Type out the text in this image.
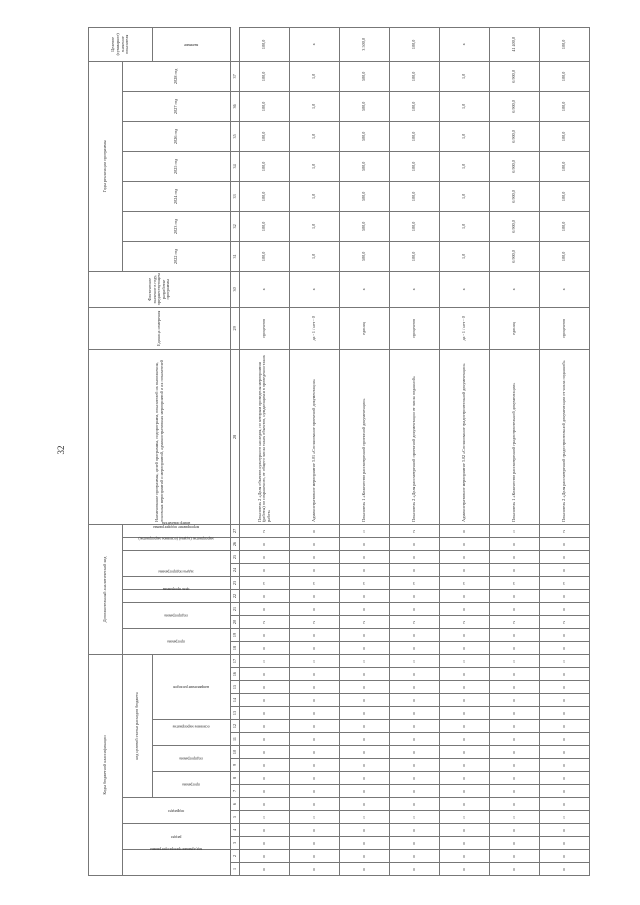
32
Коды бюджетной классификации																	Дополнительный аналитический код										Наименование программы, целей программы, подпрограмм, показателей их выполнения, основных мероприятий и мероприятий, административных мероприятий и их показателей	Единица измерения	Фактическое значение в году, предшествующем разработке программы	Годы реализации программы							Целевое (суммарное) значение показателя
код администратора программы		раздел		подраздел		код целевой статьи расходов бюджета											программа		подпрограмма		цель программы	задача подпрограммы	мероприятие (задача) (основное мероприятие)		мероприятие подпрограммы	номер показателя				2022 год	2023 год	2024 год	2025 год	2026 год	2027 год	2028 год	
						программа		подпрограмма		основное мероприятие		направление расходов																									значение
1	2	3	4	5	6	7	8	9	10	11	12	13	14	15	16	17	18	19	20	21	22	23	24	25	26	27	28	29	30	31	32	33	34	35	36	37	
0	0	0	0	1	0	0	0	0	0	0	0	0	0	0	0	1	0	0	2	0	0	3	0	0	0	2	Показатель 2 «Доля объектов культурного наследия, по которым проведены мероприятия (работы) по сохранению, от общего числа таких объектов, нуждающихся в проведении таких работ»	процентов	х	100,0	100,0	100,0	100,0	100,0	100,0	100,0	100,0
0	0	0	0	1	0	0	0	0	0	0	0	0	0	0	0	1	0	0	2	0	0	3	0	0	0	0	Административное мероприятие 3.01 «Согласование проектной документации»	да - 1 / нет - 0	х	1,0	1,0	1,0	1,0	1,0	1,0	1,0	х
0	0	0	0	1	0	0	0	0	0	0	0	0	0	0	0	1	0	0	2	0	0	3	0	0	0	1	Показатель 1 «Количество рассмотренной проектной документации»	единиц	х	500,0	500,0	500,0	500,0	500,0	500,0	500,0	3 500,0
0	0	0	0	1	0	0	0	0	0	0	0	0	0	0	0	1	0	0	2	0	0	3	0	0	0	2	Показатель 2 «Доля рассмотренной проектной документации от числа поданной»	процентов	х	100,0	100,0	100,0	100,0	100,0	100,0	100,0	100,0
0	0	0	0	1	0	0	0	0	0	0	0	0	0	0	0	1	0	0	2	0	0	3	0	0	0	0	Административное мероприятие 3.02 «Согласование градостроительной документации»	да - 1 / нет - 0	х	1,0	1,0	1,0	1,0	1,0	1,0	1,0	х
0	0	0	0	1	0	0	0	0	0	0	0	0	0	0	0	1	0	0	2	0	0	3	0	0	0	1	Показатель 1 «Количество рассмотренной градостроительной документации»	единиц	х	6 900,0	6 900,0	6 900,0	6 900,0	6 900,0	6 900,0	6 900,0	41 400,0
0	0	0	0	1	0	0	0	0	0	0	0	0	0	0	0	1	0	0	2	0	0	3	0	0	0	2	Показатель 2 «Доля рассмотренной градостроительной документации от числа поданной»	процентов	х	100,0	100,0	100,0	100,0	100,0	100,0	100,0	100,0
